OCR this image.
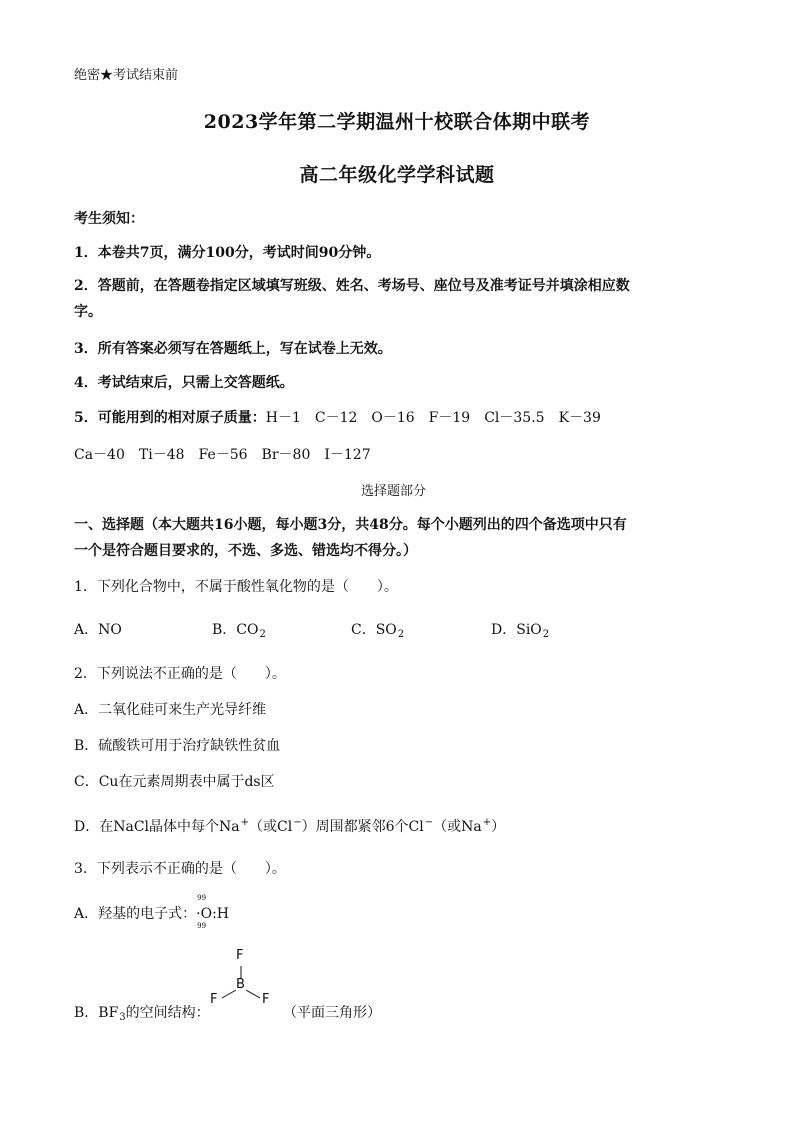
绝密★考试结束前
2023学年第二学期温州十校联合体期中联考
高二年级化学学科试题
考生须知：
1．本卷共7页，满分100分，考试时间90分钟。
2．答题前，在答题卷指定区域填写班级、姓名、考场号、座位号及准考证号并填涂相应数
字。
3．所有答案必须写在答题纸上，写在试卷上无效。
4．考试结束后，只需上交答题纸。
5．可能用到的相对原子质量：H－1　C－12　O－16　F－19　Cl－35.5　K－39
Ca－40　Ti－48　Fe－56　Br－80　I－127
选择题部分
一、选择题（本大题共16小题，每小题3分，共48分。每个小题列出的四个备选项中只有
一个是符合题目要求的，不选、多选、错选均不得分。）
1．下列化合物中，不属于酸性氧化物的是（　　）。
A．NO	B．$CO_2$	C．$SO_2$	D．SiO$_2$
2．下列说法不正确的是（　　）。
A．二氧化硅可来生产光导纤维
B．硫酸铁可用于治疗缺铁性贫血
C．Cu在元素周期表中属于ds区
D．在NaCl晶体中每个Na+（或Cl−）周围都紧邻6个Cl−（或Na+）
3．下列表示不正确的是（　　）。
A．羟基的电子式：
99
·O
99
:H
F
B
F	F
B．$BF_3$的空间结构：	（平面三角形）
